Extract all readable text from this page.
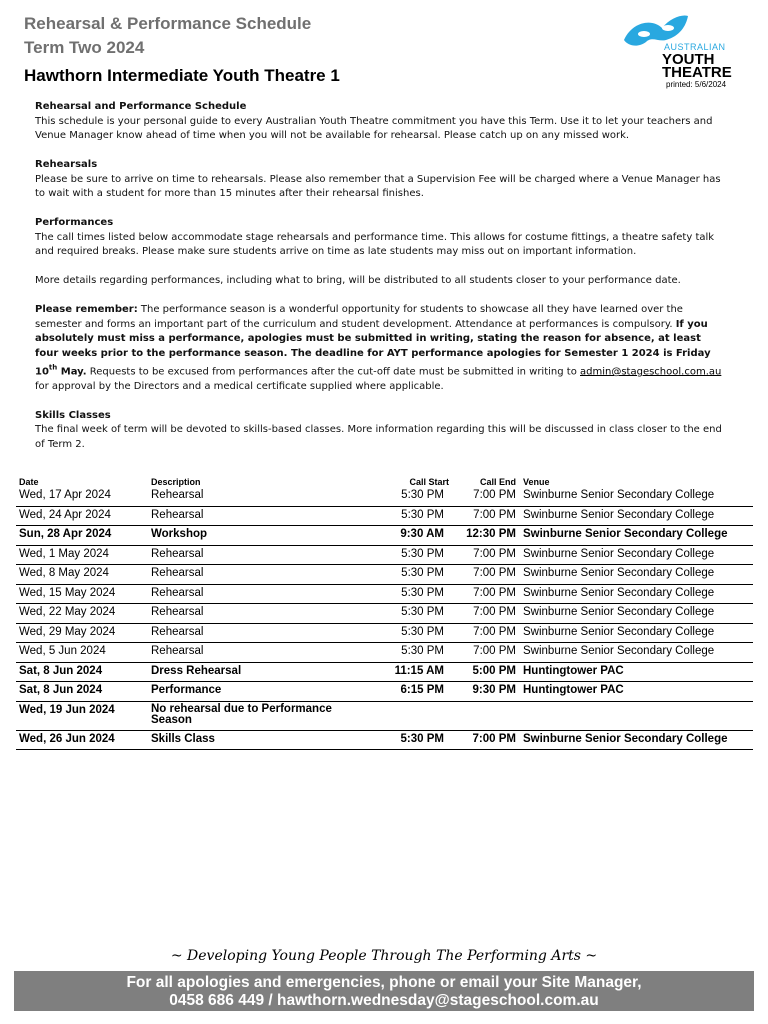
Rehearsal & Performance Schedule
Term Two 2024
Hawthorn Intermediate Youth Theatre 1
AUSTRALIAN
YOUTH
THEATRE
printed: 5/6/2024
Rehearsal and Performance Schedule
This schedule is your personal guide to every Australian Youth Theatre commitment you have this Term. Use it to let your teachers and Venue Manager know ahead of time when you will not be available for rehearsal. Please catch up on any missed work.
Rehearsals
Please be sure to arrive on time to rehearsals. Please also remember that a Supervision Fee will be charged where a Venue Manager has to wait with a student for more than 15 minutes after their rehearsal finishes.
Performances
The call times listed below accommodate stage rehearsals and performance time. This allows for costume fittings, a theatre safety talk and required breaks. Please make sure students arrive on time as late students may miss out on important information.
More details regarding performances, including what to bring, will be distributed to all students closer to your performance date.
Please remember: The performance season is a wonderful opportunity for students to showcase all they have learned over the semester and forms an important part of the curriculum and student development. Attendance at performances is compulsory. If you absolutely must miss a performance, apologies must be submitted in writing, stating the reason for absence, at least four weeks prior to the performance season. The deadline for AYT performance apologies for Semester 1 2024 is Friday 10th May. Requests to be excused from performances after the cut-off date must be submitted in writing to admin@stageschool.com.au for approval by the Directors and a medical certificate supplied where applicable.
Skills Classes
The final week of term will be devoted to skills-based classes. More information regarding this will be discussed in class closer to the end of Term 2.
Date	Description	Call Start	Call End Venue
Wed, 17 Apr 2024	Rehearsal	5:30 PM	7:00 PM Swinburne Senior Secondary College
Wed, 24 Apr 2024	Rehearsal	5:30 PM	7:00 PM Swinburne Senior Secondary College
Sun, 28 Apr 2024	Workshop	9:30 AM 12:30 PM Swinburne Senior Secondary College
Wed, 1 May 2024	Rehearsal	5:30 PM	7:00 PM Swinburne Senior Secondary College
Wed, 8 May 2024	Rehearsal	5:30 PM	7:00 PM Swinburne Senior Secondary College
Wed, 15 May 2024	Rehearsal	5:30 PM	7:00 PM Swinburne Senior Secondary College
Wed, 22 May 2024	Rehearsal	5:30 PM	7:00 PM Swinburne Senior Secondary College
Wed, 29 May 2024	Rehearsal	5:30 PM	7:00 PM Swinburne Senior Secondary College
Wed, 5 Jun 2024	Rehearsal	5:30 PM	7:00 PM Swinburne Senior Secondary College
Sat, 8 Jun 2024	Dress Rehearsal	11:15 AM 5:00 PM Huntingtower PAC
Sat, 8 Jun 2024	Performance	6:15 PM 9:30 PM Huntingtower PAC
Wed, 19 Jun 2024	No rehearsal due to Performance Season
Wed, 26 Jun 2024	Skills Class	5:30 PM 7:00 PM Swinburne Senior Secondary College
~ Developing Young People Through The Performing Arts ~
For all apologies and emergencies, phone or email your Site Manager,
0458 686 449 / hawthorn.wednesday@stageschool.com.au
